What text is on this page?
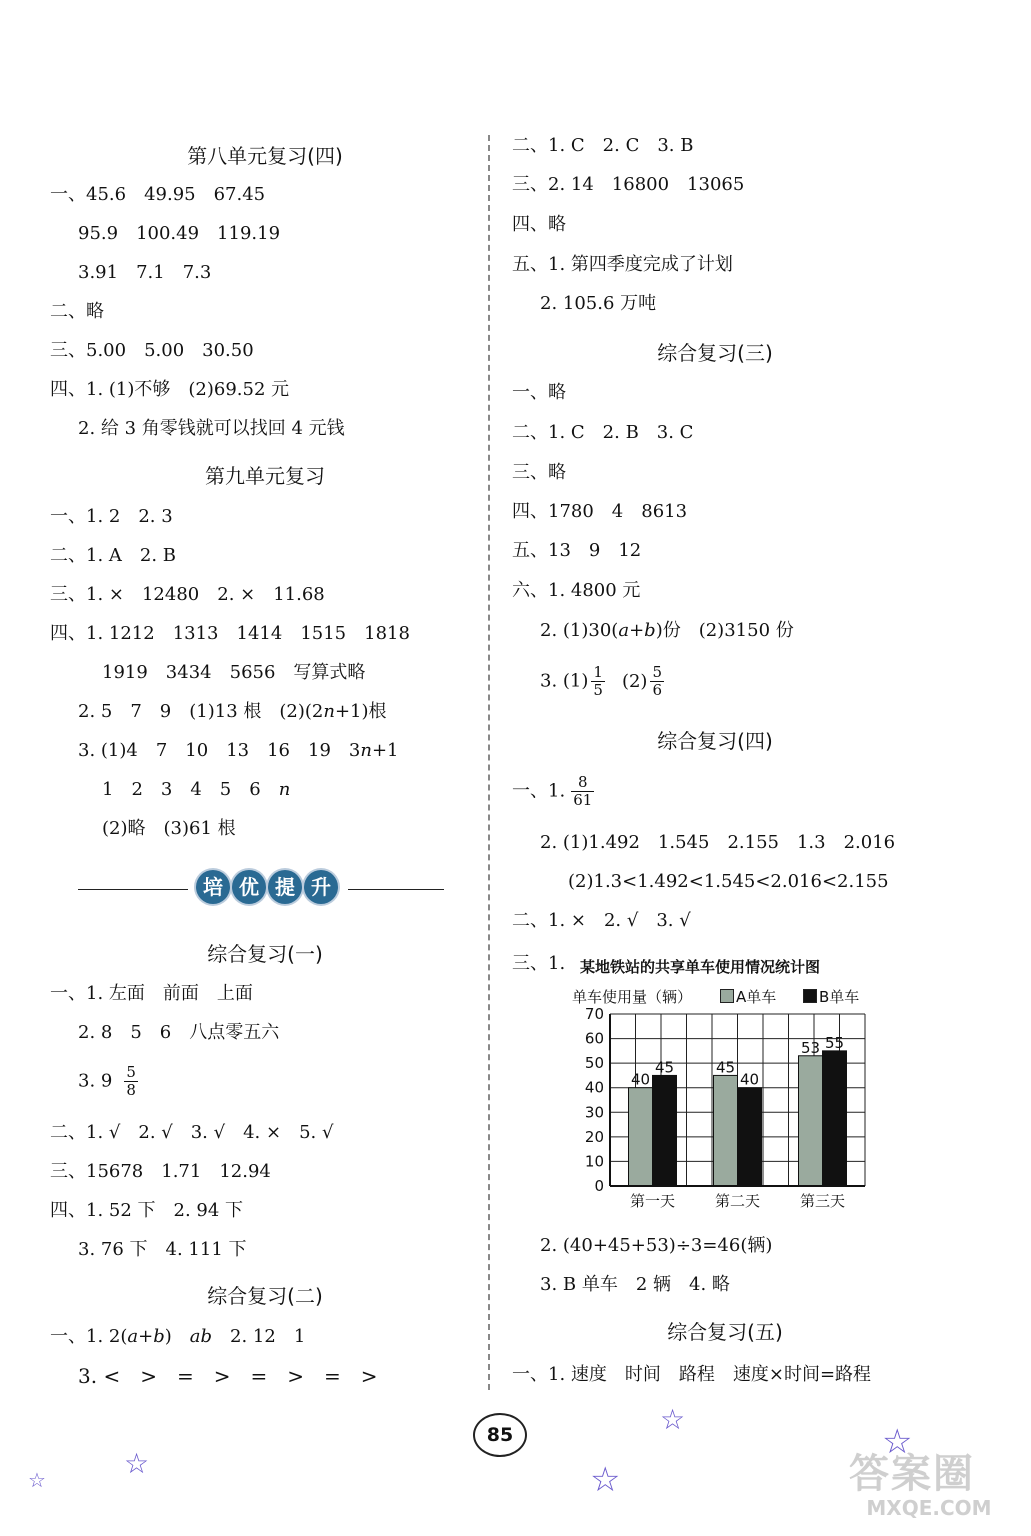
第八单元复习(四)
一、45.6　49.95　67.45
95.9　100.49　119.19
3.91　7.1　7.3
二、略
三、5.00　5.00　30.50
四、1. (1)不够　(2)69.52 元
2. 给 3 角零钱就可以找回 4 元钱
第九单元复习
一、1. 2　2. 3
二、1. A　2. B
三、1. ×　12480　2. ×　11.68
四、1. 1212　1313　1414　1515　1818
1919　3434　5656　写算式略
2. 5　7　9　(1)13 根　(2)(2n+1)根
3. (1)4　7　10　13　16　19　3n+1
1　2　3　4　5　6　n
(2)略　(3)61 根
培 优 提 升
综合复习(一)
一、1. 左面　前面　上面
2. 8　5　6　八点零五六
3. $9 \frac{5}{8}$
二、1. √　2. √　3. √　4. ×　5. √
三、15678　1.71　12.94
四、1. 52 下　2. 94 下
3. 76 下　4. 111 下
综合复习(二)
一、1. 2(a+b)　ab　2. 12　1
3. <　>　=　>　=　>　=　>
二、1. C　2. C　3. B
三、2. 14　16800　13065
四、略
五、1. 第四季度完成了计划
2. 105.6 万吨
综合复习(三)
一、略
二、1. C　2. B　3. C
三、略
四、1780　4　8613
五、13　9　12
六、1. 4800 元
2. (1)30(a+b)份　(2)3150 份
3. $(1) \frac{1}{5} (2) \frac{5}{6}$
综合复习(四)
一、1. $\frac{8}{61}$
2. (1)1.492　1.545　2.155　1.3　2.016
(2)1.3<1.492<1.545<2.016<2.155
二、1. ×　2. √　3. √
三、1. 某地铁站的共享单车使用情况统计图
单车使用量（辆）	A单车	B单车
0
10
20
30
40
50
60
70
40
45
第一天
45
40
第二天
53 55
第三天
2. (40+45+53)÷3=46(辆)
3. B 单车　2 辆　4. 略
综合复习(五)
一、1. 速度　时间　路程　速度×时间=路程
85
☆	☆	☆
☆
☆
答案圈
MXQE.COM
